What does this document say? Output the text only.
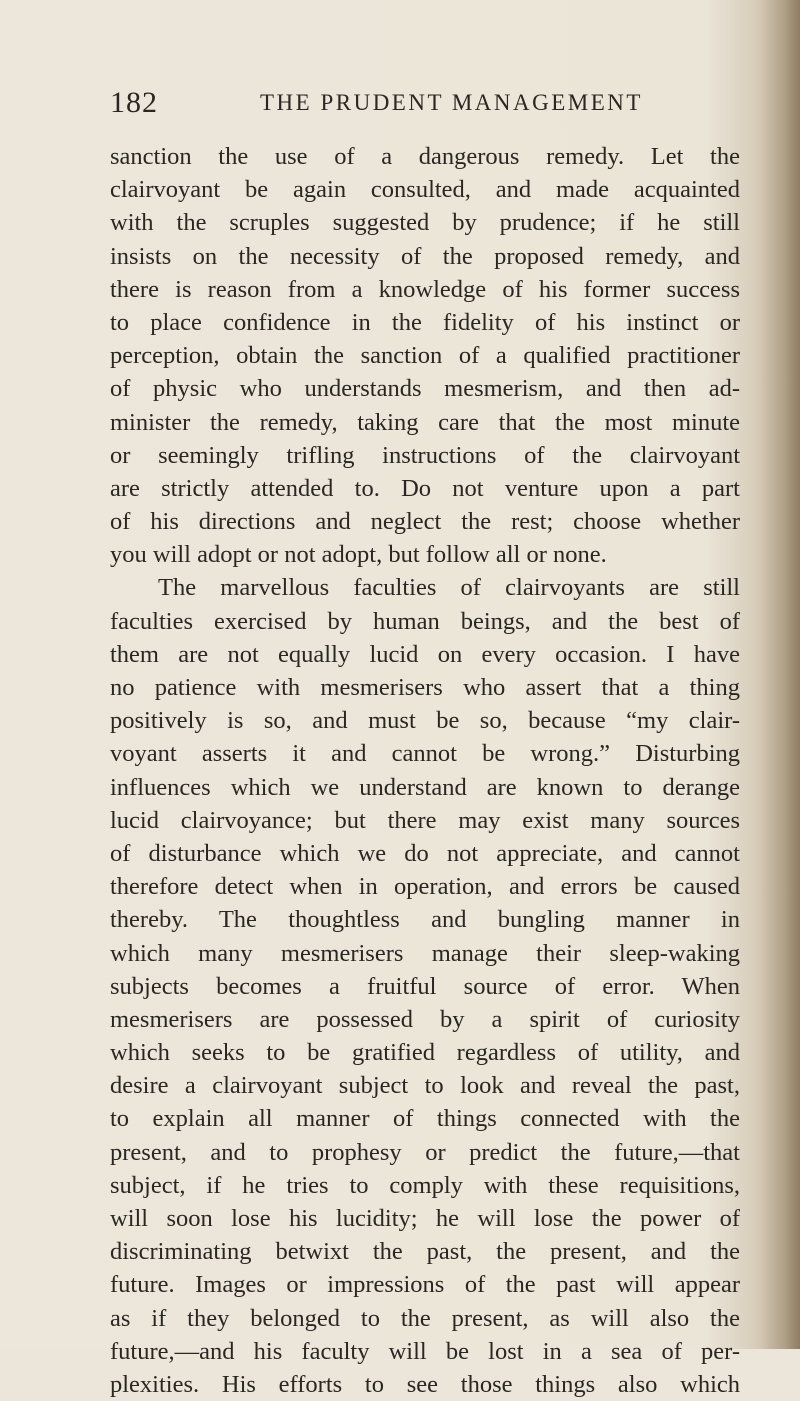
182	THE PRUDENT MANAGEMENT
sanction the use of a dangerous remedy. Let the
clairvoyant be again consulted, and made acquainted
with the scruples suggested by prudence; if he still
insists on the necessity of the proposed remedy, and
there is reason from a knowledge of his former success
to place confidence in the fidelity of his instinct or
perception, obtain the sanction of a qualified practitioner
of physic who understands mesmerism, and then ad-
minister the remedy, taking care that the most minute
or seemingly trifling instructions of the clairvoyant
are strictly attended to. Do not venture upon a part
of his directions and neglect the rest; choose whether
you will adopt or not adopt, but follow all or none.
The marvellous faculties of clairvoyants are still
faculties exercised by human beings, and the best of
them are not equally lucid on every occasion. I have
no patience with mesmerisers who assert that a thing
positively is so, and must be so, because “my clair-
voyant asserts it and cannot be wrong.” Disturbing
influences which we understand are known to derange
lucid clairvoyance; but there may exist many sources
of disturbance which we do not appreciate, and cannot
therefore detect when in operation, and errors be caused
thereby. The thoughtless and bungling manner in
which many mesmerisers manage their sleep-waking
subjects becomes a fruitful source of error. When
mesmerisers are possessed by a spirit of curiosity
which seeks to be gratified regardless of utility, and
desire a clairvoyant subject to look and reveal the past,
to explain all manner of things connected with the
present, and to prophesy or predict the future,—that
subject, if he tries to comply with these requisitions,
will soon lose his lucidity; he will lose the power of
discriminating betwixt the past, the present, and the
future. Images or impressions of the past will appear
as if they belonged to the present, as will also the
future,—and his faculty will be lost in a sea of per-
plexities. His efforts to see those things also which
